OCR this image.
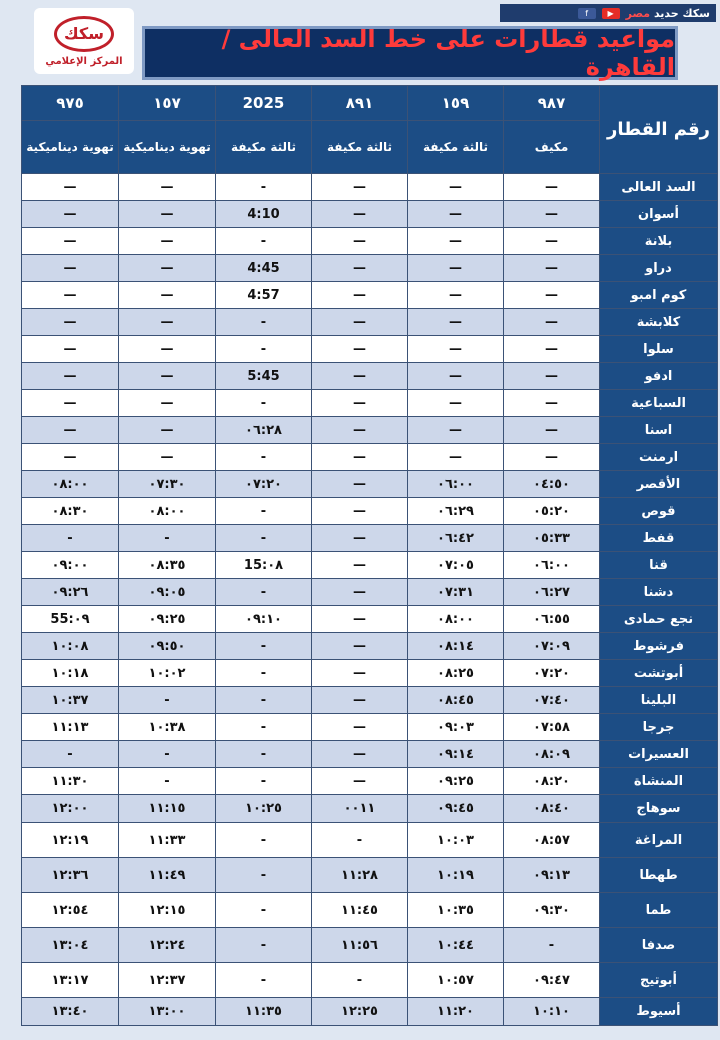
f	▶	سكك حديد مصر
سكك
المركز الإعلامي
مواعيد قطارات على خط السد العالى / القاهرة
رقم القطار	٩٨٧	١٥٩	٨٩١	2025	١٥٧	٩٧٥
	مكيف	ثالثة مكيفة	ثالثة مكيفة	ثالثة مكيفة	تهوية ديناميكية	تهوية ديناميكية
السد العالى	—	—	—	-	—	—
أسوان	—	—	—	4:10	—	—
بلانة	—	—	—	-	—	—
دراو	—	—	—	4:45	—	—
كوم امبو	—	—	—	4:57	—	—
كلابشة	—	—	—	-	—	—
سلوا	—	—	—	-	—	—
ادفو	—	—	—	5:45	—	—
السباعية	—	—	—	-	—	—
اسنا	—	—	—	٠٦:٢٨	—	—
ارمنت	—	—	—	-	—	—
الأقصر	٠٤:٥٠	٠٦:٠٠	—	٠٧:٢٠	٠٧:٣٠	٠٨:٠٠
قوص	٠٥:٢٠	٠٦:٢٩	—	-	٠٨:٠٠	٠٨:٣٠
قفط	٠٥:٣٣	٠٦:٤٢	—	-	-	-
قنا	٠٦:٠٠	٠٧:٠٥	—	٠٨:15	٠٨:٣٥	٠٩:٠٠
دشنا	٠٦:٢٧	٠٧:٣١	—	-	٠٩:٠٥	٠٩:٢٦
نجع حمادى	٠٦:٥٥	٠٨:٠٠	—	٠٩:١٠	٠٩:٢٥	٠٩:55
فرشوط	٠٧:٠٩	٠٨:١٤	—	-	٠٩:٥٠	١٠:٠٨
أبوتشت	٠٧:٢٠	٠٨:٢٥	—	-	١٠:٠٢	١٠:١٨
البلينا	٠٧:٤٠	٠٨:٤٥	—	-	-	١٠:٣٧
جرجا	٠٧:٥٨	٠٩:٠٣	—	-	١٠:٣٨	١١:١٣
العسيرات	٠٨:٠٩	٠٩:١٤	—	-	-	-
المنشاة	٠٨:٢٠	٠٩:٢٥	—	-	-	١١:٣٠
سوهاج	٠٨:٤٠	٠٩:٤٥	٠٠١١	١٠:٢٥	١١:١٥	١٢:٠٠
المراغة	٠٨:٥٧	١٠:٠٣	-	-	١١:٣٣	١٢:١٩
طهطا	٠٩:١٣	١٠:١٩	١١:٢٨	-	١١:٤٩	١٢:٣٦
طما	٠٩:٣٠	١٠:٣٥	١١:٤٥	-	١٢:١٥	١٢:٥٤
صدفا	-	١٠:٤٤	١١:٥٦	-	١٢:٢٤	١٣:٠٤
أبوتيج	٠٩:٤٧	١٠:٥٧	-	-	١٢:٣٧	١٣:١٧
أسيوط	١٠:١٠	١١:٢٠	١٢:٢٥	١١:٣٥	١٣:٠٠	١٣:٤٠
